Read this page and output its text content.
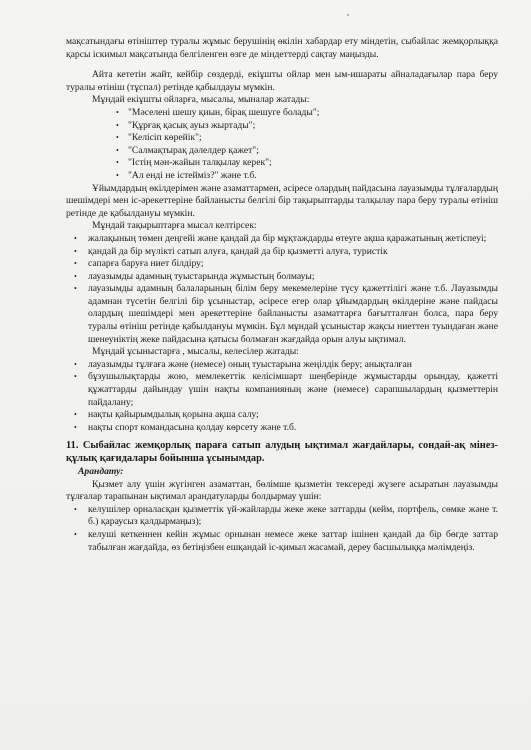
мақсатындағы өтініштер туралы жұмыс берушінің өкілін хабардар ету міндетін, сыбайлас жемқорлыққа қарсы іскимыл мақсатында белгіленген өзге де міндеттерді сақтау маңызды.

Айта кететін жайт, кейбір сөздерді, екіұшты ойлар мен ым-ишараты айналадағылар пара беру туралы өтініш (тұспал) ретінде қабылдауы мүмкін.

Мұндай екіұшты ойларға, мысалы, мыналар жатады:

• "Мәселені шешу қиын, бірақ шешуге болады";
• "Құрғақ қасық ауыз жыртады";
• "Келісіп көрейік";
• "Салмақтырақ дәлелдер қажет";
• "Істің мән-жайын талқылау керек";
• "Ал енді не істейміз?" және т.б.

Ұйымдардың өкілдерімен және азаматтармен, әсіресе олардың пайдасына лауазымды тұлғалардың шешімдері мен іс-әрекеттеріне байланысты белгілі бір тақырыптарды талқылау пара беру туралы өтініш ретінде де қабылдануы мүмкін.

Мұндай тақырыптарға мысал келтірсек:

• жалақының төмен деңгейі және қандай да бір мұқтаждарды өтеуге ақша қаражатының жетіспеуі;
• қандай да бір мүлікті сатып алуға, қандай да бір қызметті алуға, туристік
• сапарға баруға ниет білдіру;
• лауазымды адамның туыстарында жұмыстың болмауы;
• лауазымды адамның балаларының білім беру мекемелеріне түсу қажеттілігі және т.б. Лауазымды адамнан түсетін белгілі бір ұсыныстар, әсіресе егер олар ұйымдардың өкілдеріне және пайдасы олардың шешімдері мен әрекеттеріне байланысты азаматтарға бағытталған болса, пара беру туралы өтініш ретінде қабылдануы мүмкін. Бұл мұндай ұсыныстар жақсы ниеттен туындаған және шенеуніктің жеке пайдасына қатысы болмаған жағдайда орын алуы ықтимал.

Мұндай ұсыныстарға , мысалы, келесілер жатады:

• лауазымды тұлғаға және (немесе) оның туыстарына жеңілдік беру; анықталған
• бұзушылықтарды жою, мемлекеттік келісімшарт шеңберінде жұмыстарды орындау, қажетті құжаттарды дайындау үшін нақты компанияның және (немесе) сарапшылардың қызметтерін пайдалану;
• нақты қайырымдылық қорына ақша салу;
• нақты спорт командасына қолдау көрсету және т.б.
11. Сыбайлас жемқорлық параға сатып алудың ықтимал жағдайлары, сондай-ақ мінез-құлық қағидалары бойынша ұсынымдар.
Арандату:

Қызмет алу үшін жүгінген азаматтан, бөлімше қызметін тексереді жүзеге асыратын лауазымды тұлғалар тарапынан ықтимал арандатуларды болдырмау үшін:

• келушілер орналасқан қызметтік үй-жайларды жеке жеке заттарды (кейм, портфель, сөмке және т. б.) қараусыз қалдырмаңыз);
• келуші кеткеннен кейін жұмыс орнынан немесе жеке заттар ішінен қандай да бір бөгде заттар табылған жағдайда, өз бетіңізбен ешқандай іс-қимыл жасамай, дереу басшылыққа мәлімдеңіз.
